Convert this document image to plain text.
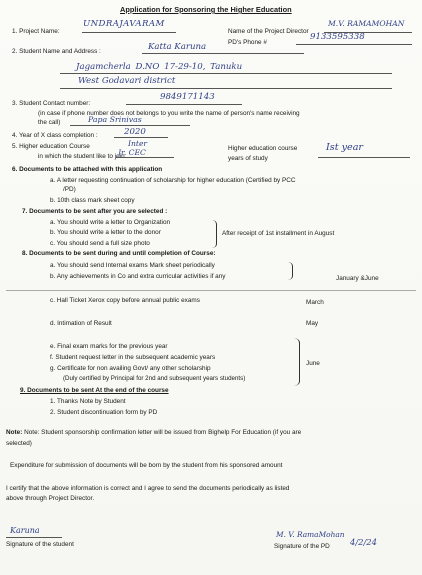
Application for Sponsoring the Higher Education
1. Project Name:
UNDRAJAVARAM
Name of the Project Director
M.V. RAMAMOHAN
PD's Phone #
9133595338
2. Student Name and Address :	Katta Karuna
Jagamcherla D.NO 17-29-10, Tanuku
West Godavari district
3. Student Contact number:
9849171143
(in case if phone number does not belongs to you write the name of person's name receiving
the call)	Papa Srinivas
4. Year of X class completion :	2020
5. Higher education Course
in which the student like to join
Inter
Jr. CEC	Higher education course
years of study
Ist year
6. Documents to be attached with this application
a. A letter requesting continuation of scholarship for higher education (Certified by PCC
/PD)
b. 10th class mark sheet copy
7. Documents to be sent after you are selected :
a. You should write a letter to Organization
b. You should write a letter to the donor
c. You should send a full size photo
After receipt of 1st installment in August
8. Documents to be sent during and until completion of Course:
a. You should send Internal exams Mark sheet periodically
b. Any achievements in Co and extra curricular activities if any	January &June
c. Hall Ticket Xerox copy before annual public exams	March
d. Intimation of Result	May
e. Final exam marks for the previous year
f. Student request letter in the subsequent academic years
g. Certificate for non availing Govt/ any other scholarship
(Duly certified by Principal for 2nd and subsequent years students)
June
9. Documents to be sent At the end of the course
1. Thanks Note by Student
2. Student discontinuation form by PD
Note: Note: Student sponsorship confirmation letter will be issued from Bighelp For Education (if you are
selected)
Expenditure for submission of documents will be born by the student from his sponsored amount
I certify that the above information is correct and I agree to send the documents periodically as listed
above through Project Director.
Karuna
Signature of the student
M. V. RamaMohan
Signature of the PD 4/2/24
